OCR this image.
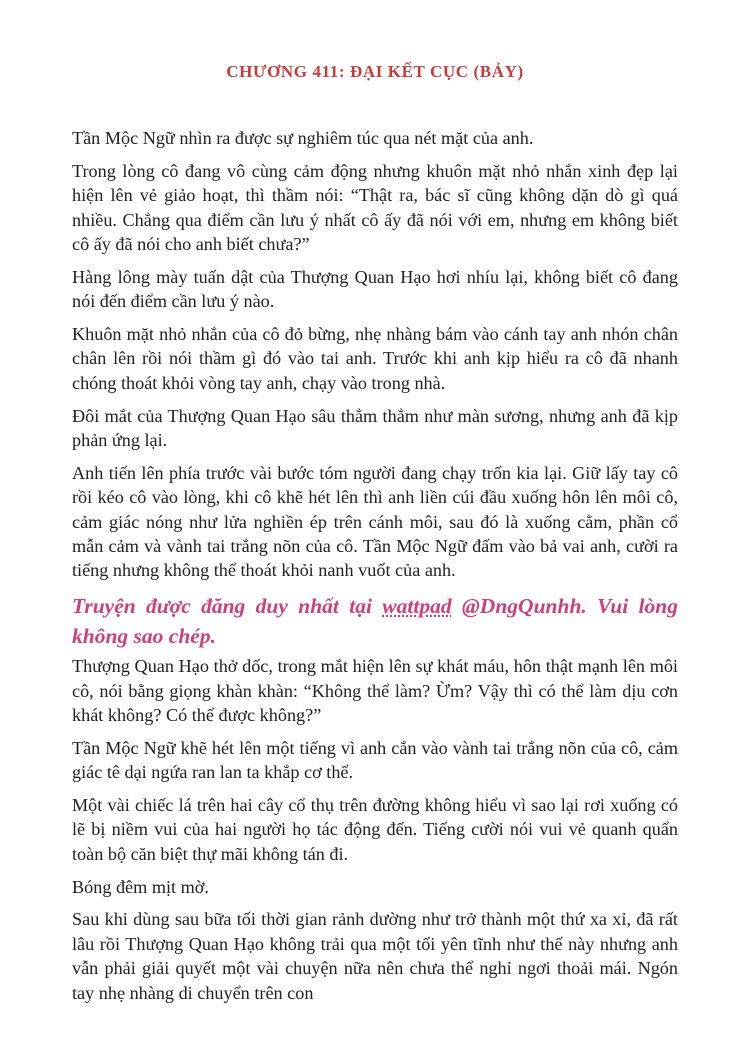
CHƯƠNG 411: ĐẠI KẾT CỤC (BẢY)

Tần Mộc Ngữ nhìn ra được sự nghiêm túc qua nét mặt của anh.

Trong lòng cô đang vô cùng cảm động nhưng khuôn mặt nhỏ nhắn xinh đẹp lại hiện lên vẻ giảo hoạt, thì thầm nói: “Thật ra, bác sĩ cũng không dặn dò gì quá nhiều. Chẳng qua điểm cần lưu ý nhất cô ấy đã nói với em, nhưng em không biết cô ấy đã nói cho anh biết chưa?”

Hàng lông mày tuấn dật của Thượng Quan Hạo hơi nhíu lại, không biết cô đang nói đến điểm cần lưu ý nào.

Khuôn mặt nhỏ nhắn của cô đỏ bừng, nhẹ nhàng bám vào cánh tay anh nhón chân chân lên rồi nói thầm gì đó vào tai anh. Trước khi anh kịp hiểu ra cô đã nhanh chóng thoát khỏi vòng tay anh, chạy vào trong nhà.

Đôi mắt của Thượng Quan Hạo sâu thẳm thẳm như màn sương, nhưng anh đã kịp phản ứng lại.

Anh tiến lên phía trước vài bước tóm người đang chạy trốn kia lại. Giữ lấy tay cô rồi kéo cô vào lòng, khi cô khẽ hét lên thì anh liền cúi đầu xuống hôn lên môi cô, cảm giác nóng như lửa nghiền ép trên cánh môi, sau đó là xuống cằm, phần cổ mẫn cảm và vành tai trắng nõn của cô. Tần Mộc Ngữ đấm vào bả vai anh, cười ra tiếng nhưng không thể thoát khỏi nanh vuốt của anh.

Truyện được đăng duy nhất tại wattpad @DngQunhh. Vui lòng không sao chép.

Thượng Quan Hạo thở dốc, trong mắt hiện lên sự khát máu, hôn thật mạnh lên môi cô, nói bằng giọng khàn khàn: “Không thể làm? Ừm? Vậy thì có thể làm dịu cơn khát không? Có thể được không?”

Tần Mộc Ngữ khẽ hét lên một tiếng vì anh cắn vào vành tai trắng nõn của cô, cảm giác tê dại ngứa ran lan ta khắp cơ thể.

Một vài chiếc lá trên hai cây cổ thụ trên đường không hiểu vì sao lại rơi xuống có lẽ bị niềm vui của hai người họ tác động đến. Tiếng cười nói vui vẻ quanh quẩn toàn bộ căn biệt thự mãi không tán đi.

Bóng đêm mịt mờ.

Sau khi dùng sau bữa tối thời gian rảnh dường như trở thành một thứ xa xỉ, đã rất lâu rồi Thượng Quan Hạo không trải qua một tối yên tĩnh như thế này nhưng anh vẫn phải giải quyết một vài chuyện nữa nên chưa thể nghỉ ngơi thoải mái. Ngón tay nhẹ nhàng di chuyển trên con
